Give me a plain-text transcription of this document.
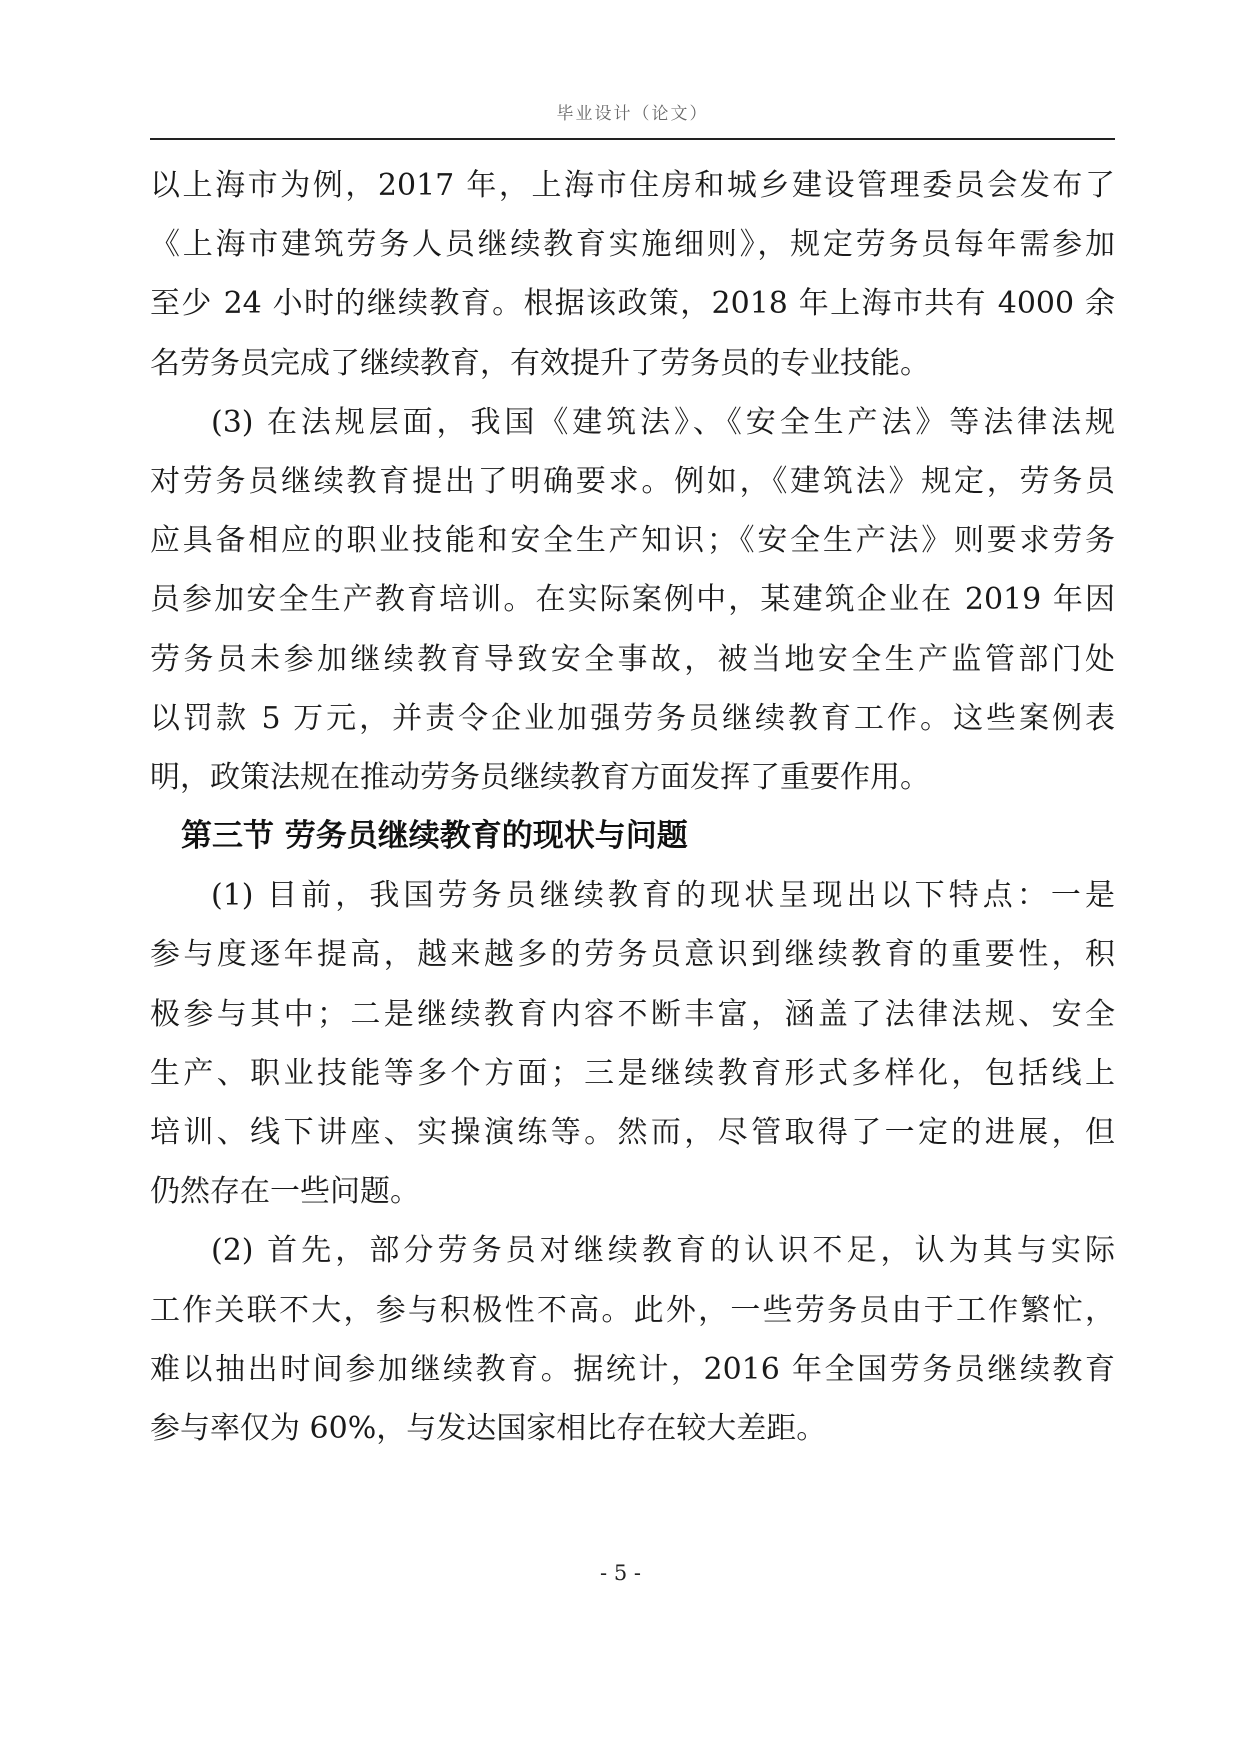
毕业设计（论文）
以上海市为例，2017 年，上海市住房和城乡建设管理委员会发布了
《上海市建筑劳务人员继续教育实施细则》，规定劳务员每年需参加
至少 24 小时的继续教育。根据该政策，2018 年上海市共有 4000 余
名劳务员完成了继续教育，有效提升了劳务员的专业技能。
(3) 在法规层面，我国《建筑法》、《安全生产法》等法律法规
对劳务员继续教育提出了明确要求。例如，《建筑法》规定，劳务员
应具备相应的职业技能和安全生产知识；《安全生产法》则要求劳务
员参加安全生产教育培训。在实际案例中，某建筑企业在 2019 年因
劳务员未参加继续教育导致安全事故，被当地安全生产监管部门处
以罚款 5 万元，并责令企业加强劳务员继续教育工作。这些案例表
明，政策法规在推动劳务员继续教育方面发挥了重要作用。
第三节 劳务员继续教育的现状与问题
(1) 目前，我国劳务员继续教育的现状呈现出以下特点：一是
参与度逐年提高，越来越多的劳务员意识到继续教育的重要性，积
极参与其中；二是继续教育内容不断丰富，涵盖了法律法规、安全
生产、职业技能等多个方面；三是继续教育形式多样化，包括线上
培训、线下讲座、实操演练等。然而，尽管取得了一定的进展，但
仍然存在一些问题。
(2) 首先，部分劳务员对继续教育的认识不足，认为其与实际
工作关联不大，参与积极性不高。此外，一些劳务员由于工作繁忙，
难以抽出时间参加继续教育。据统计，2016 年全国劳务员继续教育
参与率仅为 60%，与发达国家相比存在较大差距。
- 5 -
